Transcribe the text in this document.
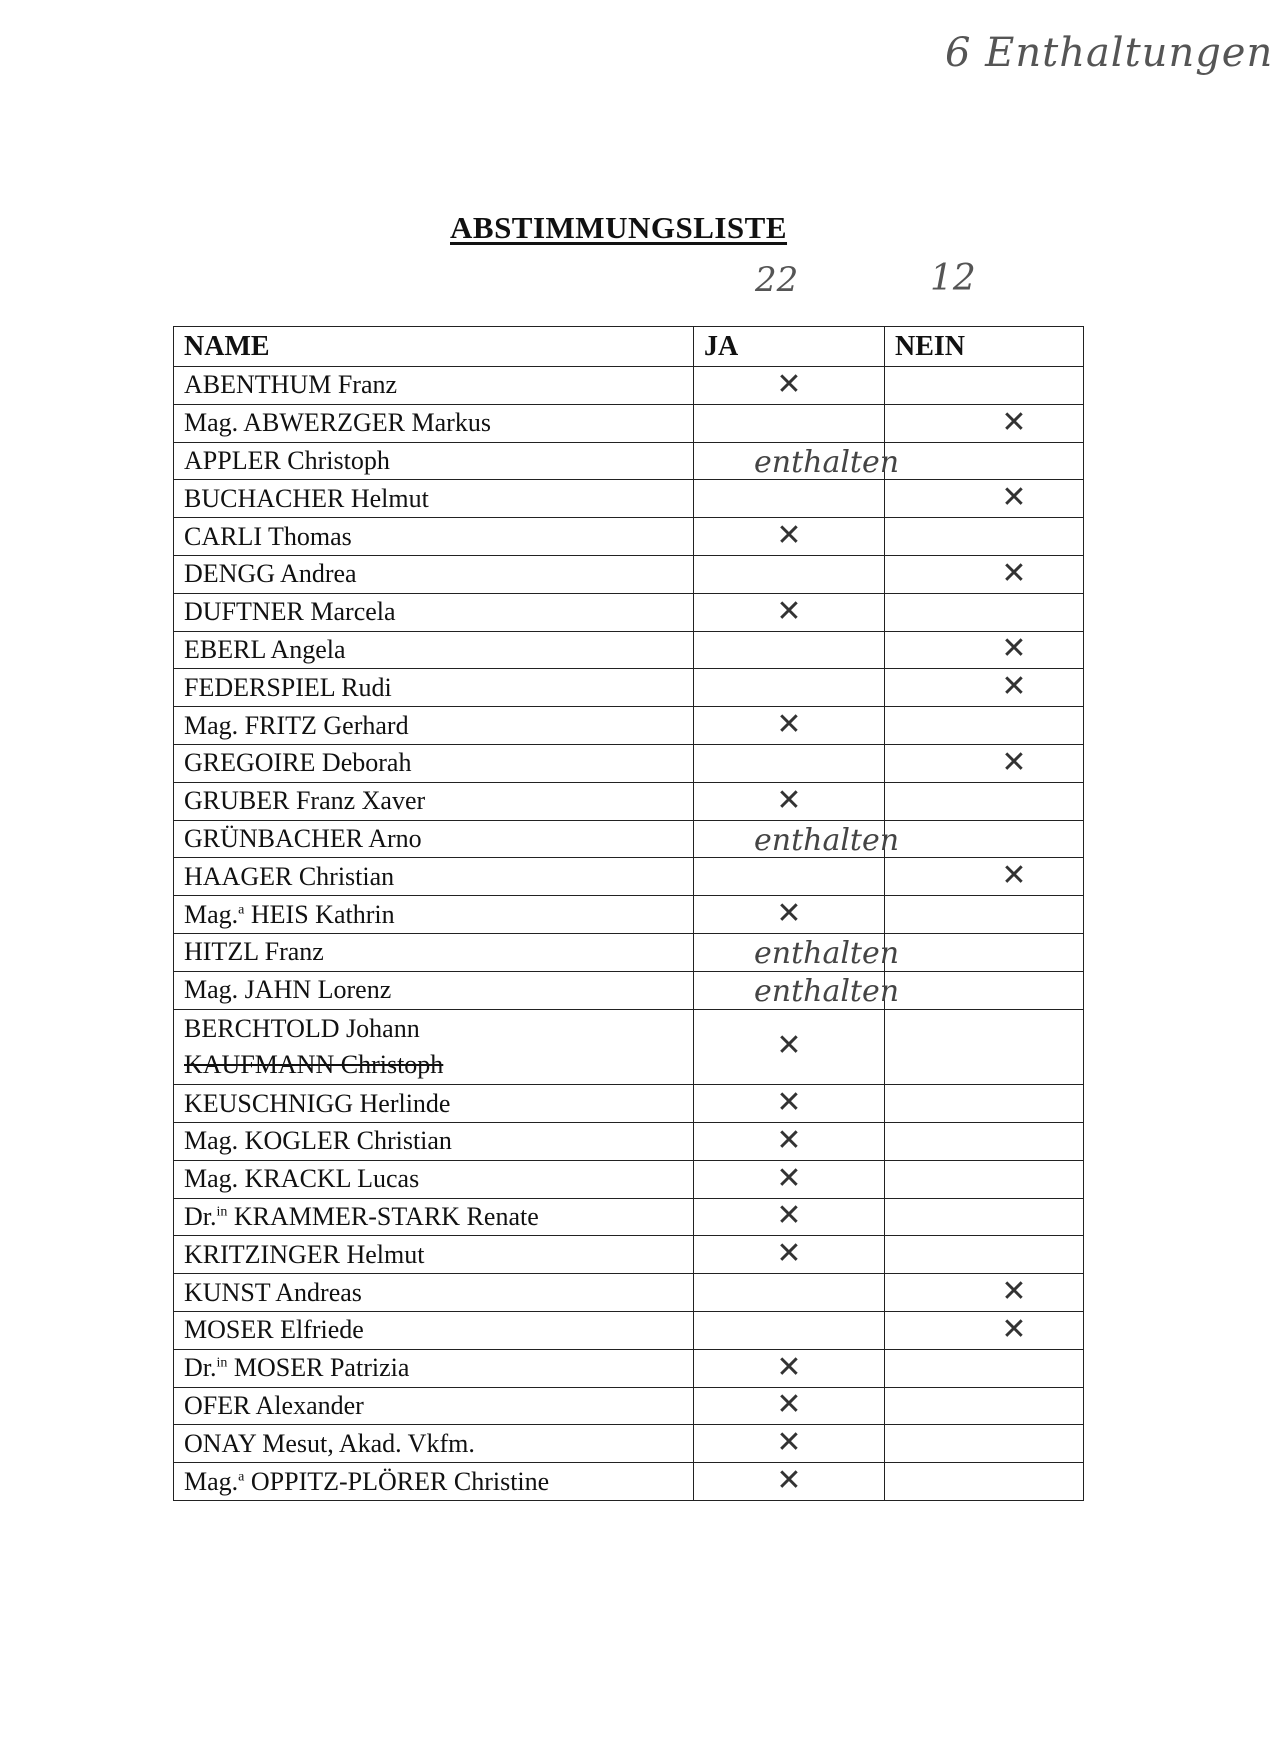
6 Enthaltungen
ABSTIMMUNGSLISTE
22	12
NAME	JA	NEIN

ABENTHUM Franz	✕	

Mag. ABWERZGER Markus		✕

APPLER Christoph	enthalten	

BUCHACHER Helmut		✕

CARLI Thomas	✕	

DENGG Andrea		✕

DUFTNER Marcela	✕	

EBERL Angela		✕

FEDERSPIEL Rudi		✕

Mag. FRITZ Gerhard	✕	

GREGOIRE Deborah		✕

GRUBER Franz Xaver	✕	

GRÜNBACHER Arno	enthalten	

HAAGER Christian		✕

Mag.$^a$ HEIS Kathrin	✕	

HITZL Franz	enthalten	

Mag. JAHN Lorenz	enthalten	

BERCHTOLD Johann
KAUFMANN Christoph	✕	

KEUSCHNIGG Herlinde	✕	

Mag. KOGLER Christian	✕	

Mag. KRACKL Lucas	✕	

Dr.$^{in}$ KRAMMER-STARK Renate	✕	

KRITZINGER Helmut	✕	

KUNST Andreas		✕

MOSER Elfriede		✕

Dr.$^{in}$ MOSER Patrizia	✕	

OFER Alexander	✕	

ONAY Mesut, Akad. Vkfm.	✕	

Mag.$^a$ OPPITZ-PLÖRER Christine	✕	
